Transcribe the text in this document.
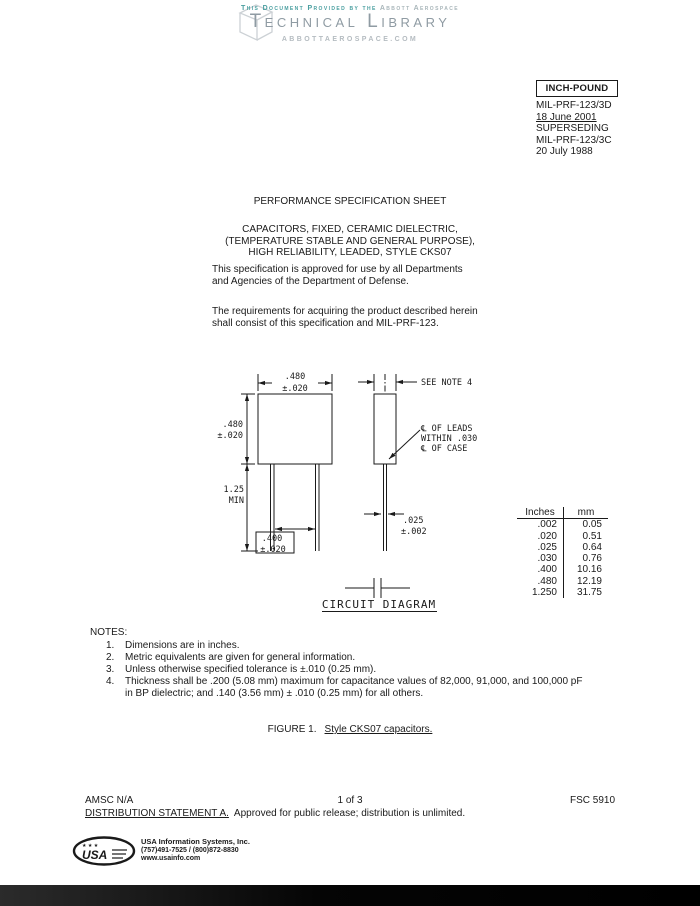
This Document Provided by the Abbott Aerospace
Technical Library
ABBOTTAEROSPACE.COM
INCH-POUND
MIL-PRF-123/3D
18 June 2001
SUPERSEDING
MIL-PRF-123/3C
20 July 1988
PERFORMANCE SPECIFICATION SHEET
CAPACITORS, FIXED, CERAMIC DIELECTRIC,
(TEMPERATURE STABLE AND GENERAL PURPOSE),
HIGH RELIABILITY, LEADED, STYLE CKS07
This specification is approved for use by all Departments
and Agencies of the Department of Defense.
The requirements for acquiring the product described herein
shall consist of this specification and MIL-PRF-123.
.480
±.020
.480
±.020
1.25
MIN
.400
±.020
SEE NOTE 4
℄ OF LEADS
WITHIN .030
℄ OF CASE
.025
±.002
CIRCUIT DIAGRAM
Inches	mm
.002	0.05
.020	0.51
.025	0.64
.030	0.76
.400	10.16
.480	12.19
1.250	31.75
NOTES:
1.	Dimensions are in inches.
2.	Metric equivalents are given for general information.
3.	Unless otherwise specified tolerance is ±.010 (0.25 mm).
4.	Thickness shall be .200 (5.08 mm) maximum for capacitance values of 82,000, 91,000, and 100,000 pF
in BP dielectric; and .140 (3.56 mm) ± .010 (0.25 mm) for all others.
FIGURE 1. Style CKS07 capacitors.
AMSC N/A	1 of 3	FSC 5910
DISTRIBUTION STATEMENT A. Approved for public release; distribution is unlimited.
★ ★ ★
USA
USA Information Systems, Inc.
(757)491-7525 / (800)872-8830
www.usainfo.com
